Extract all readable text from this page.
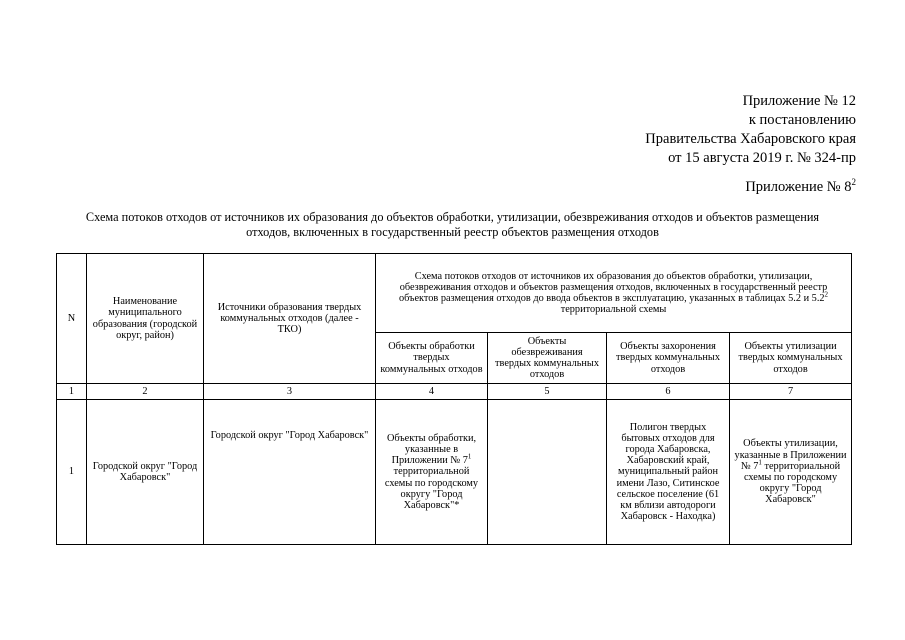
Приложение № 12
к постановлению
Правительства Хабаровского края
от 15 августа 2019 г. № 324-пр
Приложение № $8^2$
Схема потоков отходов от источников их образования до объектов обработки, утилизации, обезвреживания отходов и объектов размещения
отходов, включенных в государственный реестр объектов размещения отходов
N	Наименование муниципального образования (городской округ, район)	Источники образования твердых коммунальных отходов (далее - ТКО)	Схема потоков отходов от источников их образования до объектов обработки, утилизации, обезвреживания отходов и объектов размещения отходов, включенных в государственный реестр объектов размещения отходов до ввода объектов в эксплуатацию, указанных в таблицах 5.2 и $5.2^2$ территориальной схемы			
			Объекты обработки твердых коммунальных отходов	Объекты обезвреживания твердых коммунальных отходов	Объекты захоронения твердых коммунальных отходов	Объекты утилизации твердых коммунальных отходов
1	2	3	4	5	6	7
1	Городской округ "Город Хабаровск"	Городской округ "Город Хабаровск"	Объекты обработки, указанные в Приложении № $7^1$ территориальной схемы по городскому округу "Город Хабаровск"*		Полигон твердых бытовых отходов для города Хабаровска, Хабаровский край, муниципальный район имени Лазо, Ситинское сельское поселение (61 км вблизи автодороги Хабаровск - Находка)	Объекты утилизации, указанные в Приложении № $7^1$ территориальной схемы по городскому округу "Город Хабаровск"
